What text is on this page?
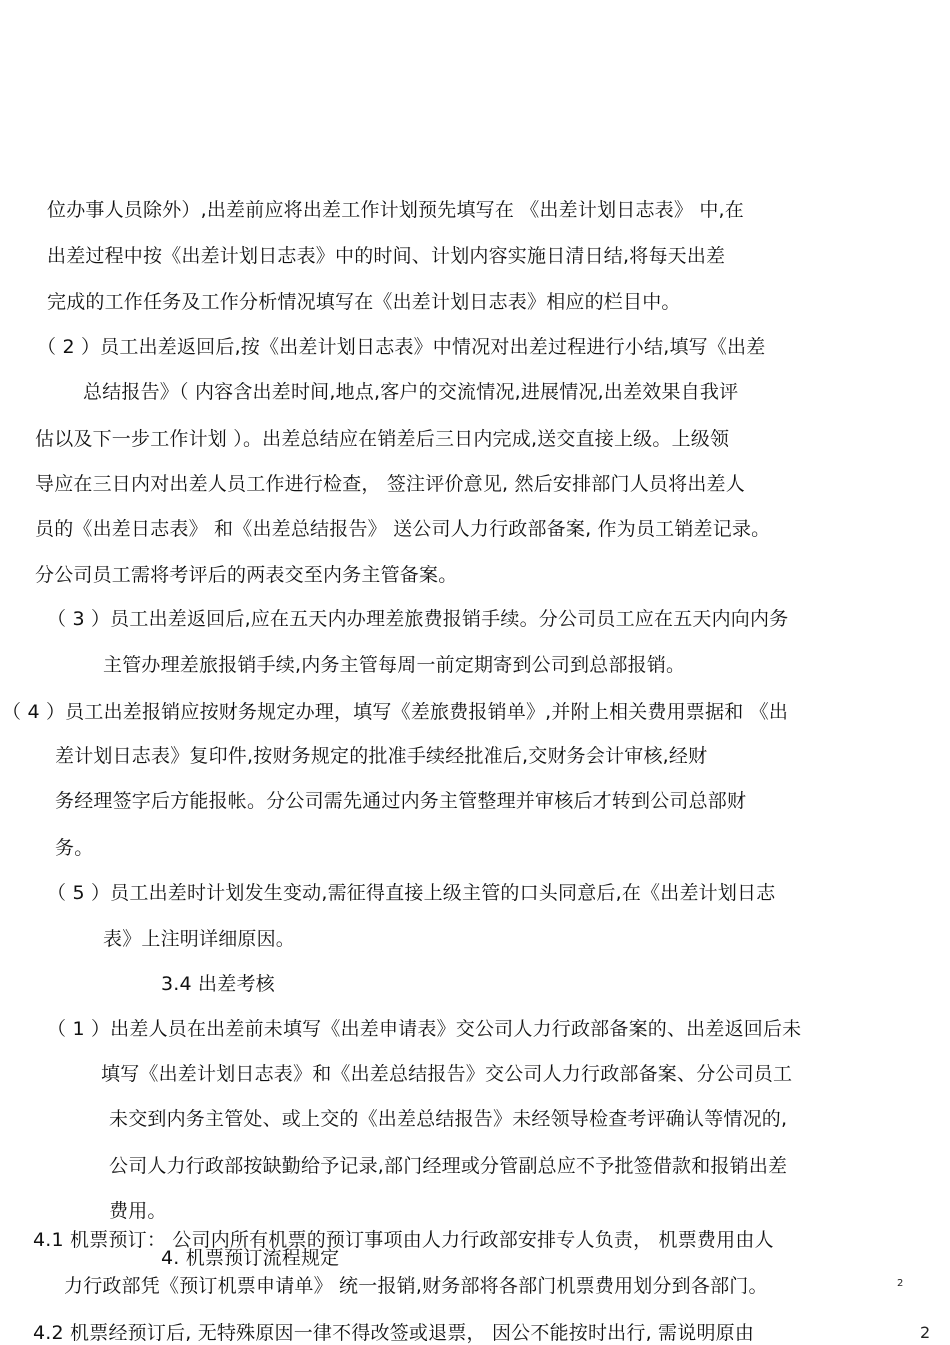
位办事人员除外）,出差前应将出差工作计划预先填写在 《出差计划日志表》 中,在
出差过程中按《出差计划日志表》中的时间、计划内容实施日清日结,将每天出差
完成的工作任务及工作分析情况填写在《出差计划日志表》相应的栏目中。
（ 2 ）员工出差返回后,按《出差计划日志表》中情况对出差过程进行小结,填写《出差
总结报告》（ 内容含出差时间,地点,客户的交流情况,进展情况,出差效果自我评
估以及下一步工作计划 ）。出差总结应在销差后三日内完成,送交直接上级。上级领
导应在三日内对出差人员工作进行检查， 签注评价意见, 然后安排部门人员将出差人
员的《出差日志表》 和《出差总结报告》 送公司人力行政部备案, 作为员工销差记录。
分公司员工需将考评后的两表交至内务主管备案。
（ 3 ）员工出差返回后,应在五天内办理差旅费报销手续。分公司员工应在五天内向内务
主管办理差旅报销手续,内务主管每周一前定期寄到公司到总部报销。
（ 4 ）员工出差报销应按财务规定办理，填写《差旅费报销单》,并附上相关费用票据和 《出
差计划日志表》复印件,按财务规定的批准手续经批准后,交财务会计审核,经财
务经理签字后方能报帐。分公司需先通过内务主管整理并审核后才转到公司总部财
务。
（ 5 ）员工出差时计划发生变动,需征得直接上级主管的口头同意后,在《出差计划日志
表》上注明详细原因。
3.4 出差考核
（ 1 ）出差人员在出差前未填写《出差申请表》交公司人力行政部备案的、出差返回后未
填写《出差计划日志表》和《出差总结报告》交公司人力行政部备案、分公司员工
未交到内务主管处、或上交的《出差总结报告》未经领导检查考评确认等情况的,
公司人力行政部按缺勤给予记录,部门经理或分管副总应不予批签借款和报销出差
费用。
4.1 机票预订： 公司内所有机票的预订事项由人力行政部安排专人负责， 机票费用由人
4. 机票预订流程规定
力行政部凭《预订机票申请单》 统一报销,财务部将各部门机票费用划分到各部门。
4.2 机票经预订后, 无特殊原因一律不得改签或退票， 因公不能按时出行, 需说明原由
2
2
